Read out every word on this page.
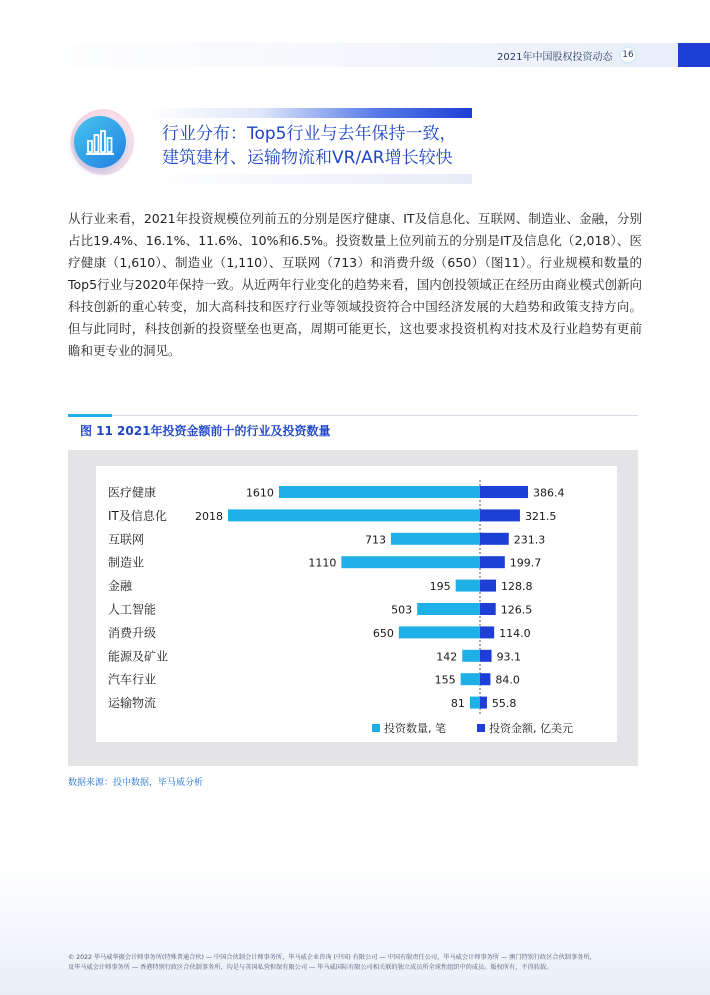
2021年中国股权投资动态	16
行业分布：Top5行业与去年保持一致，
建筑建材、运输物流和VR/AR增长较快
从行业来看，2021年投资规模位列前五的分别是医疗健康、IT及信息化、互联网、制造业、金融，分别占比19.4%、16.1%、11.6%、10%和6.5%。投资数量上位列前五的分别是IT及信息化（2,018）、医疗健康（1,610）、制造业（1,110）、互联网（713）和消费升级（650）（图11）。行业规模和数量的Top5行业与2020年保持一致。从近两年行业变化的趋势来看，国内创投领域正在经历由商业模式创新向科技创新的重心转变，加大高科技和医疗行业等领域投资符合中国经济发展的大趋势和政策支持方向。但与此同时，科技创新的投资壁垒也更高，周期可能更长，这也要求投资机构对技术及行业趋势有更前瞻和更专业的洞见。
图 11 2021年投资金额前十的行业及投资数量
医疗健康	1610	386.4
IT及信息化	2018	321.5
互联网	713	231.3
制造业	1110	199.7
金融	195	128.8
人工智能	503	126.5
消费升级	650	114.0
能源及矿业	142	93.1
汽车行业	155	84.0
运输物流	81 55.8
投资数量, 笔	投资金额, 亿美元
数据来源：投中数据，毕马威分析
© 2022 毕马威华振会计师事务所(特殊普通合伙) — 中国合伙制会计师事务所，毕马威企业咨询 (中国) 有限公司 — 中国有限责任公司，毕马威会计师事务所 — 澳门特别行政区合伙制事务所，
及毕马威会计师事务所 — 香港特别行政区合伙制事务所，均是与英国私营担保有限公司 — 毕马威国际有限公司相关联的独立成员所全球性组织中的成员。版权所有，不得转载。
